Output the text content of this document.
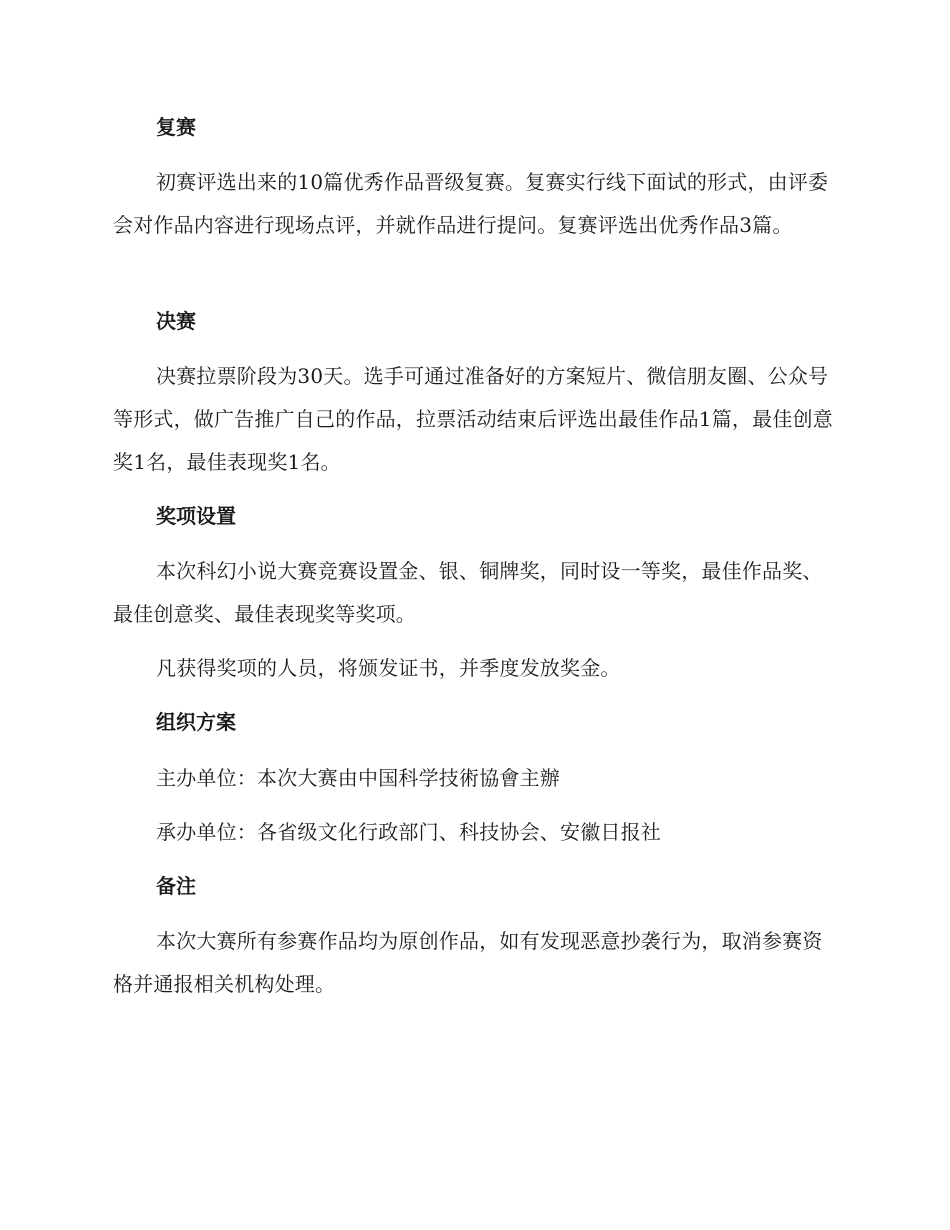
复赛

初赛评选出来的10篇优秀作品晋级复赛。复赛实行线下面试的形式，由评委会对作品内容进行现场点评，并就作品进行提问。复赛评选出优秀作品3篇。

决赛

决赛拉票阶段为30天。选手可通过准备好的方案短片、微信朋友圈、公众号等形式，做广告推广自己的作品，拉票活动结束后评选出最佳作品1篇，最佳创意奖1名，最佳表现奖1名。

奖项设置

本次科幻小说大赛竞赛设置金、银、铜牌奖，同时设一等奖，最佳作品奖、最佳创意奖、最佳表现奖等奖项。

凡获得奖项的人员，将颁发证书，并季度发放奖金。

组织方案

主办单位：本次大赛由中国科学技術協會主辦

承办单位：各省级文化行政部门、科技协会、安徽日报社

备注

本次大赛所有参赛作品均为原创作品，如有发现恶意抄袭行为，取消参赛资格并通报相关机构处理。
